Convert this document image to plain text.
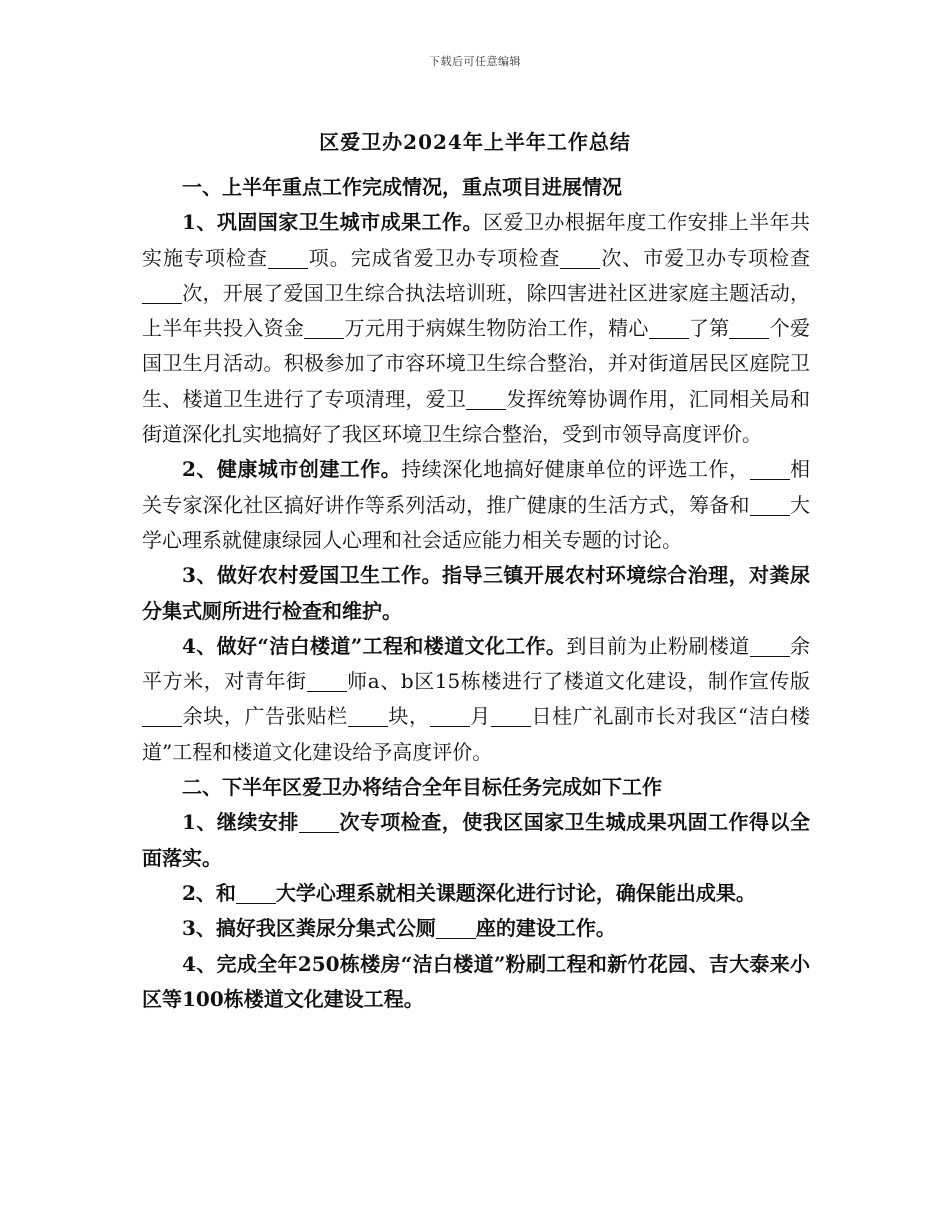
下载后可任意编辑
区爱卫办2024年上半年工作总结

一、上半年重点工作完成情况，重点项目进展情况

1、巩固国家卫生城市成果工作。区爱卫办根据年度工作安排上半年共实施专项检查 项。完成省爱卫办专项检查 次、市爱卫办专项检查次，开展了爱国卫生综合执法培训班，除四害进社区进家庭主题活动，上半年共投入资金 万元用于病媒生物防治工作，精心 了第 个爱国卫生月活动。积极参加了市容环境卫生综合整治，并对街道居民区庭院卫生、楼道卫生进行了专项清理，爱卫 发挥统筹协调作用，汇同相关局和街道深化扎实地搞好了我区环境卫生综合整治，受到市领导高度评价。

2、健康城市创建工作。持续深化地搞好健康单位的评选工作， 相关专家深化社区搞好讲作等系列活动，推广健康的生活方式，筹备和 大学心理系就健康绿园人心理和社会适应能力相关专题的讨论。

3、做好农村爱国卫生工作。指导三镇开展农村环境综合治理，对粪尿分集式厕所进行检查和维护。

4、做好“洁白楼道”工程和楼道文化工作。到目前为止粉刷楼道 余平方米，对青年街 师a、b区15栋楼进行了楼道文化建设，制作宣传版余块，广告张贴栏 块， 月 日桂广礼副市长对我区“洁白楼道”工程和楼道文化建设给予高度评价。

二、下半年区爱卫办将结合全年目标任务完成如下工作

1、继续安排 次专项检查，使我区国家卫生城成果巩固工作得以全面落实。

2、和 大学心理系就相关课题深化进行讨论，确保能出成果。

3、搞好我区粪尿分集式公厕 座的建设工作。

4、完成全年250栋楼房“洁白楼道”粉刷工程和新竹花园、吉大泰来小区等100栋楼道文化建设工程。
